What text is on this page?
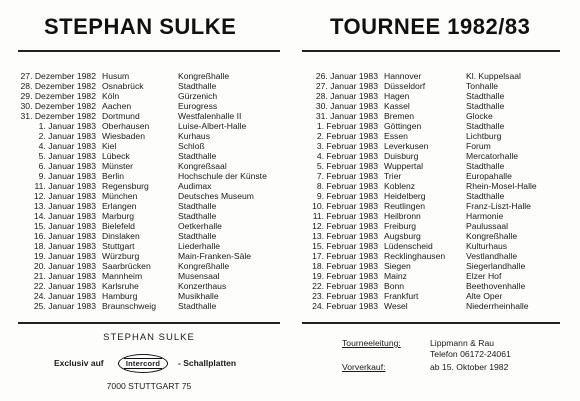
STEPHAN SULKE	TOURNEE 1982/83
27. Dezember 1982 Husum	Kongreßhalle
28. Dezember 1982 Osnabrück	Stadthalle
29. Dezember 1982 Köln	Gürzenich
30. Dezember 1982 Aachen	Eurogress
31. Dezember 1982 Dortmund	Westfalenhalle II
1. Januar 1983 Oberhausen	Luise-Albert-Halle
2. Januar 1983 Wiesbaden	Kurhaus
4. Januar 1983 Kiel	Schloß
5. Januar 1983 Lübeck	Stadthalle
6. Januar 1983 Münster	Kongreßsaal
9. Januar 1983 Berlin	Hochschule der Künste
11. Januar 1983 Regensburg	Audimax
12. Januar 1983 München	Deutsches Museum
13. Januar 1983 Erlangen	Stadthalle
14. Januar 1983 Marburg	Stadthalle
15. Januar 1983 Bielefeld	Oetkerhalle
16. Januar 1983 Dinslaken	Stadthalle
18. Januar 1983 Stuttgart	Liederhalle
19. Januar 1983 Würzburg	Main-Franken-Säle
20. Januar 1983 Saarbrücken	Kongreßhalle
21. Januar 1983 Mannheim	Musensaal
22. Januar 1983 Karlsruhe	Konzerthaus
24. Januar 1983 Hamburg	Musikhalle
25. Januar 1983 Braunschweig	Stadthalle
26. Januar 1983 Hannover	Kl. Kuppelsaal
27. Januar 1983 Düsseldorf	Tonhalle
28. Januar 1983 Hagen	Stadthalle
30. Januar 1983 Kassel	Stadthalle
31. Januar 1983 Bremen	Glocke
1. Februar 1983 Göttingen	Stadthalle
2. Februar 1983 Essen	Lichtburg
3. Februar 1983 Leverkusen	Forum
4. Februar 1983 Duisburg	Mercatorhalle
5. Februar 1983 Wuppertal	Stadthalle
7. Februar 1983 Trier	Europahalle
8. Februar 1983 Koblenz	Rhein-Mosel-Halle
9. Februar 1983 Heidelberg	Stadthalle
10. Februar 1983 Reutlingen	Franz-Liszt-Halle
11. Februar 1983 Heilbronn	Harmonie
12. Februar 1983 Freiburg	Paulussaal
13. Februar 1983 Augsburg	Kongreßhalle
15. Februar 1983 Lüdenscheid	Kulturhaus
17. Februar 1983 Recklinghausen	Vestlandhalle
18. Februar 1983 Siegen	Siegerlandhalle
19. Februar 1983 Mainz	Elzer Hof
22. Februar 1983 Bonn	Beethovenhalle
23. Februar 1983 Frankfurt	Alte Oper
24. Februar 1983 Wesel	Niederrheinhalle
STEPHAN SULKE
Exclusiv auf	Intercord - Schallplatten
7000 STUTTGART 75
Tourneeleitung:	Lippmann & Rau
Telefon 06172-24061
Vorverkauf:	ab 15. Oktober 1982
